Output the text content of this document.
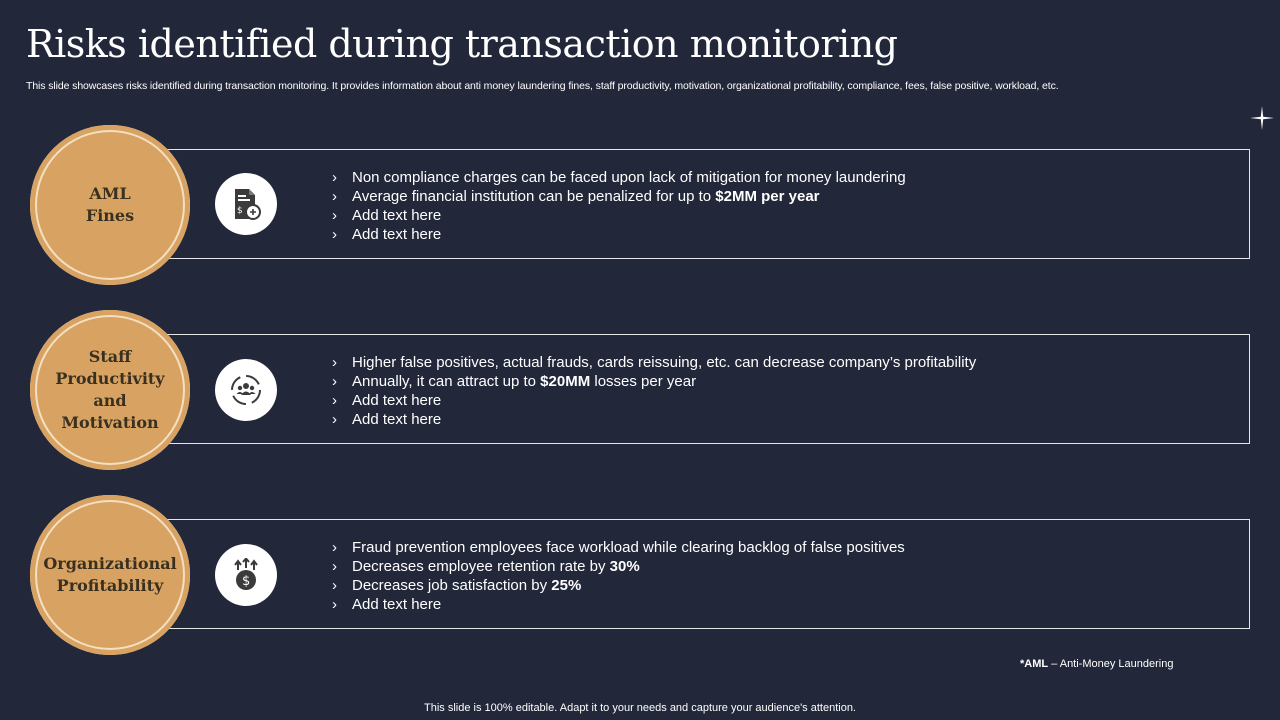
Risks identified during transaction monitoring
This slide showcases risks identified during transaction monitoring. It provides information about anti money laundering fines, staff productivity, motivation, organizational profitability, compliance, fees, false positive, workload, etc.
AML
Fines	$
› Non compliance charges can be faced upon lack of mitigation for money laundering
› Average financial institution can be penalized for up to $2MM per year
› Add text here
› Add text here
Staff
Productivity
and
Motivation
› Higher false positives, actual frauds, cards reissuing, etc. can decrease company’s profitability
› Annually, it can attract up to $20MM losses per year
› Add text here
› Add text here
Organizational
Profitability	$
› Fraud prevention employees face workload while clearing backlog of false positives
› Decreases employee retention rate by 30%
› Decreases job satisfaction by 25%
› Add text here
*AML – Anti-Money Laundering
This slide is 100% editable. Adapt it to your needs and capture your audience's attention.
